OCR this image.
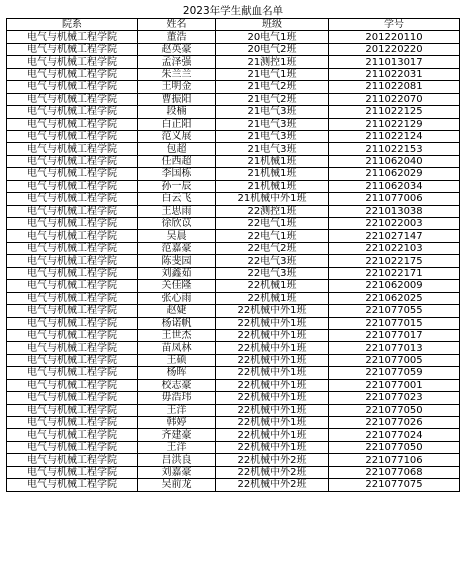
2023年学生献血名单			
院系	姓名	班级	学号
电气与机械工程学院	董浩	20电气1班	201220110
电气与机械工程学院	赵英豪	20电气2班	201220220
电气与机械工程学院	孟泽强	21测控1班	211013017
电气与机械工程学院	朱兰兰	21电气1班	211022031
电气与机械工程学院	王明金	21电气2班	211022081
电气与机械工程学院	曹振阳	21电气2班	211022070
电气与机械工程学院	段楠	21电气3班	211022125
电气与机械工程学院	白正阳	21电气3班	211022129
电气与机械工程学院	范义展	21电气3班	211022124
电气与机械工程学院	包超	21电气3班	211022153
电气与机械工程学院	任西超	21机械1班	211062040
电气与机械工程学院	李国栋	21机械1班	211062029
电气与机械工程学院	孙一辰	21机械1班	211062034
电气与机械工程学院	白云飞	21机械中外1班	211077006
电气与机械工程学院	王思雨	22测控1班	221013038
电气与机械工程学院	徐欣苡	22电气1班	221022003
电气与机械工程学院	吴晨	22电气1班	221027147
电气与机械工程学院	范嘉豪	22电气2班	221022103
电气与机械工程学院	陈斐园	22电气3班	221022175
电气与机械工程学院	刘鑫茹	22电气3班	221022171
电气与机械工程学院	关佳隆	22机械1班	221062009
电气与机械工程学院	张心雨	22机械1班	221062025
电气与机械工程学院	赵婕	22机械中外1班	221077055
电气与机械工程学院	杨诺帆	22机械中外1班	221077015
电气与机械工程学院	王世杰	22机械中外1班	221077017
电气与机械工程学院	苗凤林	22机械中外1班	221077013
电气与机械工程学院	王硕	22机械中外1班	221077005
电气与机械工程学院	杨晖	22机械中外1班	221077059
电气与机械工程学院	校志豪	22机械中外1班	221077001
电气与机械工程学院	毋浩玮	22机械中外1班	221077023
电气与机械工程学院	王洋	22机械中外1班	221077050
电气与机械工程学院	韩婷	22机械中外1班	221077026
电气与机械工程学院	齐建豪	22机械中外1班	221077024
电气与机械工程学院	王洋	22机械中外1班	221077050
电气与机械工程学院	吕洪良	22机械中外2班	221077106
电气与机械工程学院	刘嘉豪	22机械中外2班	221077068
电气与机械工程学院	吴前龙	22机械中外2班	221077075
